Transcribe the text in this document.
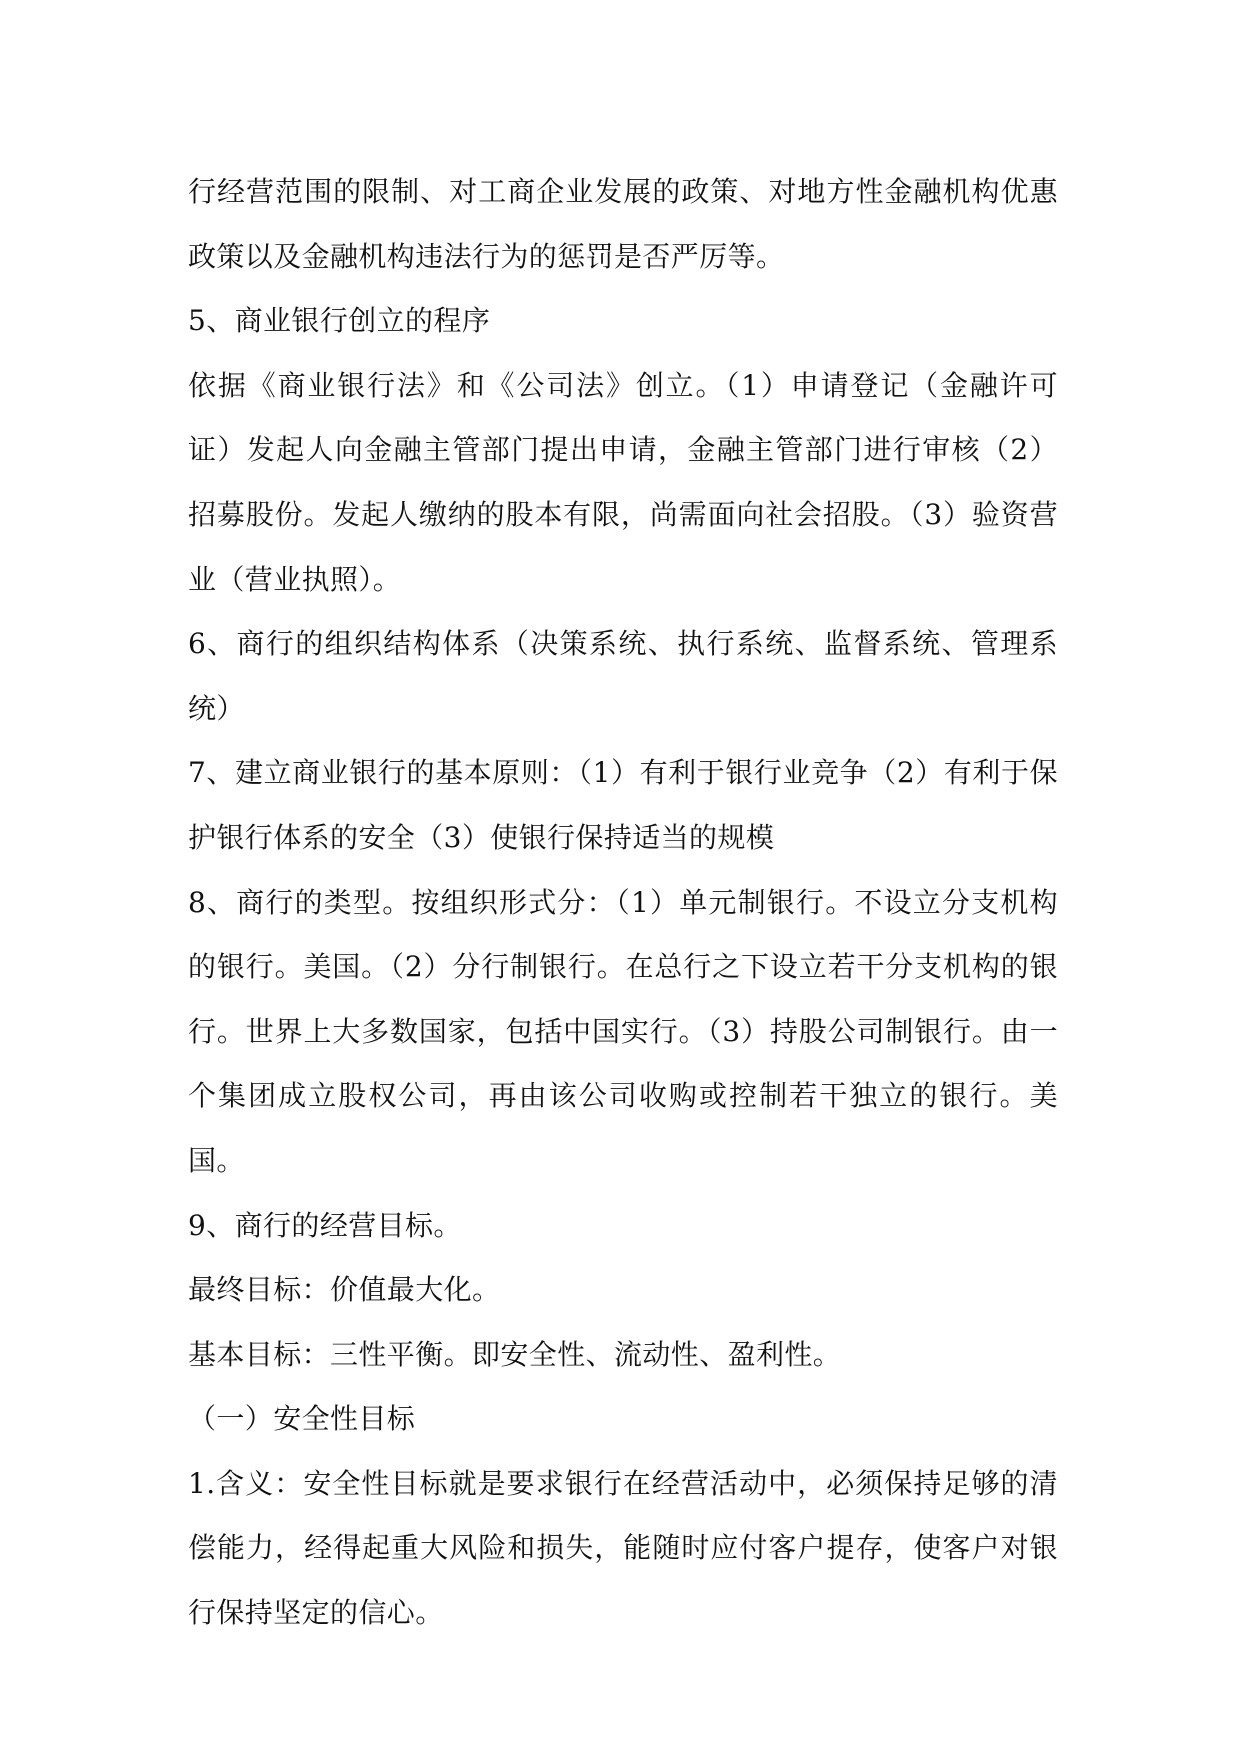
行经营范围的限制、对工商企业发展的政策、对地方性金融机构优惠政策以及金融机构违法行为的惩罚是否严厉等。

5、商业银行创立的程序

依据《商业银行法》和《公司法》创立。（1）申请登记（金融许可证）发起人向金融主管部门提出申请，金融主管部门进行审核（2）招募股份。发起人缴纳的股本有限，尚需面向社会招股。（3）验资营业（营业执照）。

6、商行的组织结构体系（决策系统、执行系统、监督系统、管理系统）

7、建立商业银行的基本原则：（1）有利于银行业竞争（2）有利于保护银行体系的安全（3）使银行保持适当的规模

8、商行的类型。按组织形式分：（1）单元制银行。不设立分支机构的银行。美国。（2）分行制银行。在总行之下设立若干分支机构的银行。世界上大多数国家，包括中国实行。（3）持股公司制银行。由一个集团成立股权公司，再由该公司收购或控制若干独立的银行。美国。

9、商行的经营目标。

最终目标：价值最大化。

基本目标：三性平衡。即安全性、流动性、盈利性。

（一）安全性目标

1.含义：安全性目标就是要求银行在经营活动中，必须保持足够的清偿能力，经得起重大风险和损失，能随时应付客户提存，使客户对银行保持坚定的信心。
